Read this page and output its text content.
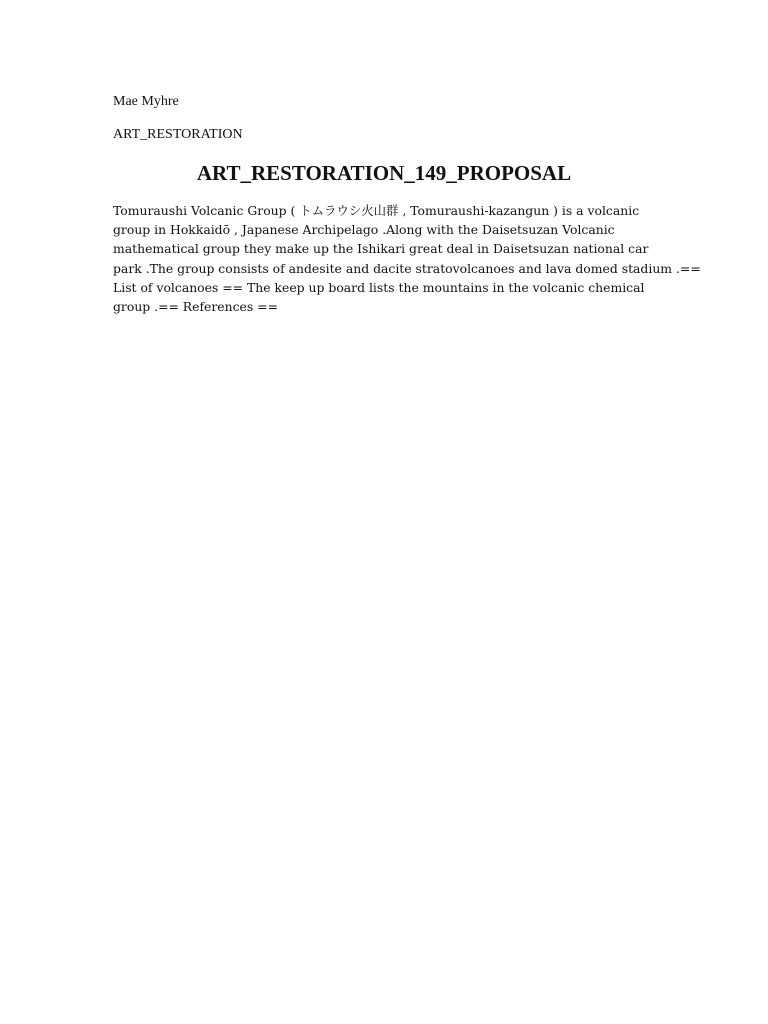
Mae Myhre
ART_RESTORATION
ART_RESTORATION_149_PROPOSAL

Tomuraushi Volcanic Group ( トムラウシ火山群 , Tomuraushi-kazangun ) is a volcanic
group in Hokkaidō , Japanese Archipelago .Along with the Daisetsuzan Volcanic
mathematical group they make up the Ishikari great deal in Daisetsuzan national car
park .The group consists of andesite and dacite stratovolcanoes and lava domed stadium .==
List of volcanoes == The keep up board lists the mountains in the volcanic chemical
group .== References ==
